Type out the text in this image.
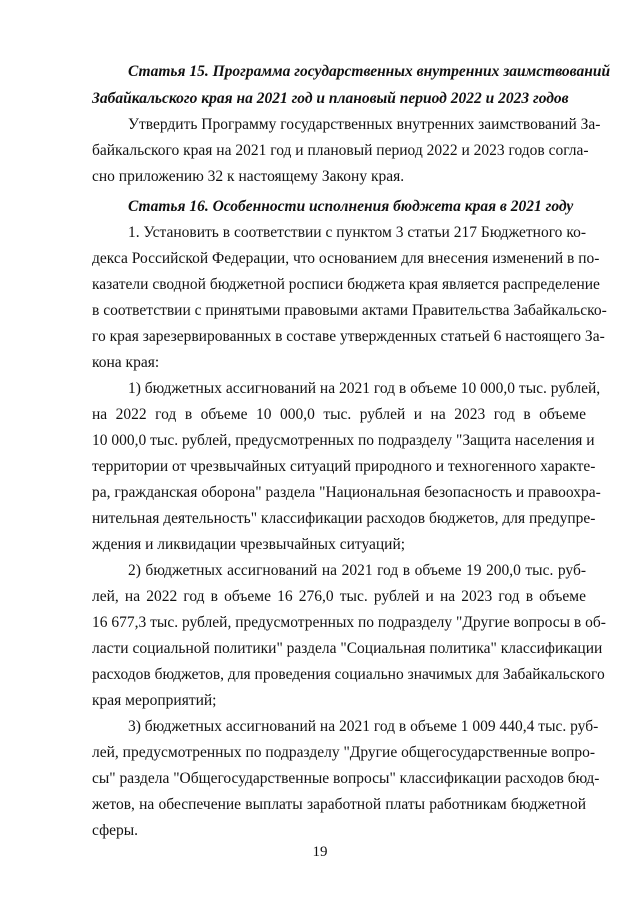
Статья 15. Программа государственных внутренних заимствований
Забайкальского края на 2021 год и плановый период 2022 и 2023 годов
Утвердить Программу государственных внутренних заимствований За-
байкальского края на 2021 год и плановый период 2022 и 2023 годов согла-
сно приложению 32 к настоящему Закону края.
Статья 16. Особенности исполнения бюджета края в 2021 году
1. Установить в соответствии с пунктом 3 статьи 217 Бюджетного ко-
декса Российской Федерации, что основанием для внесения изменений в по-
казатели сводной бюджетной росписи бюджета края является распределение
в соответствии с принятыми правовыми актами Правительства Забайкальско-
го края зарезервированных в составе утвержденных статьей 6 настоящего За-
кона края:
1) бюджетных ассигнований на 2021 год в объеме 10 000,0 тыс. рублей,
на 2022 год в объеме 10 000,0 тыс. рублей и на 2023 год в объеме
10 000,0 тыс. рублей, предусмотренных по подразделу "Защита населения и
территории от чрезвычайных ситуаций природного и техногенного характе-
ра, гражданская оборона" раздела "Национальная безопасность и правоохра-
нительная деятельность" классификации расходов бюджетов, для предупре-
ждения и ликвидации чрезвычайных ситуаций;
2) бюджетных ассигнований на 2021 год в объеме 19 200,0 тыс. руб-
лей, на 2022 год в объеме 16 276,0 тыс. рублей и на 2023 год в объеме
16 677,3 тыс. рублей, предусмотренных по подразделу "Другие вопросы в об-
ласти социальной политики" раздела "Социальная политика" классификации
расходов бюджетов, для проведения социально значимых для Забайкальского
края мероприятий;
3) бюджетных ассигнований на 2021 год в объеме 1 009 440,4 тыс. руб-
лей, предусмотренных по подразделу "Другие общегосударственные вопро-
сы" раздела "Общегосударственные вопросы" классификации расходов бюд-
жетов, на обеспечение выплаты заработной платы работникам бюджетной
сферы.
19
